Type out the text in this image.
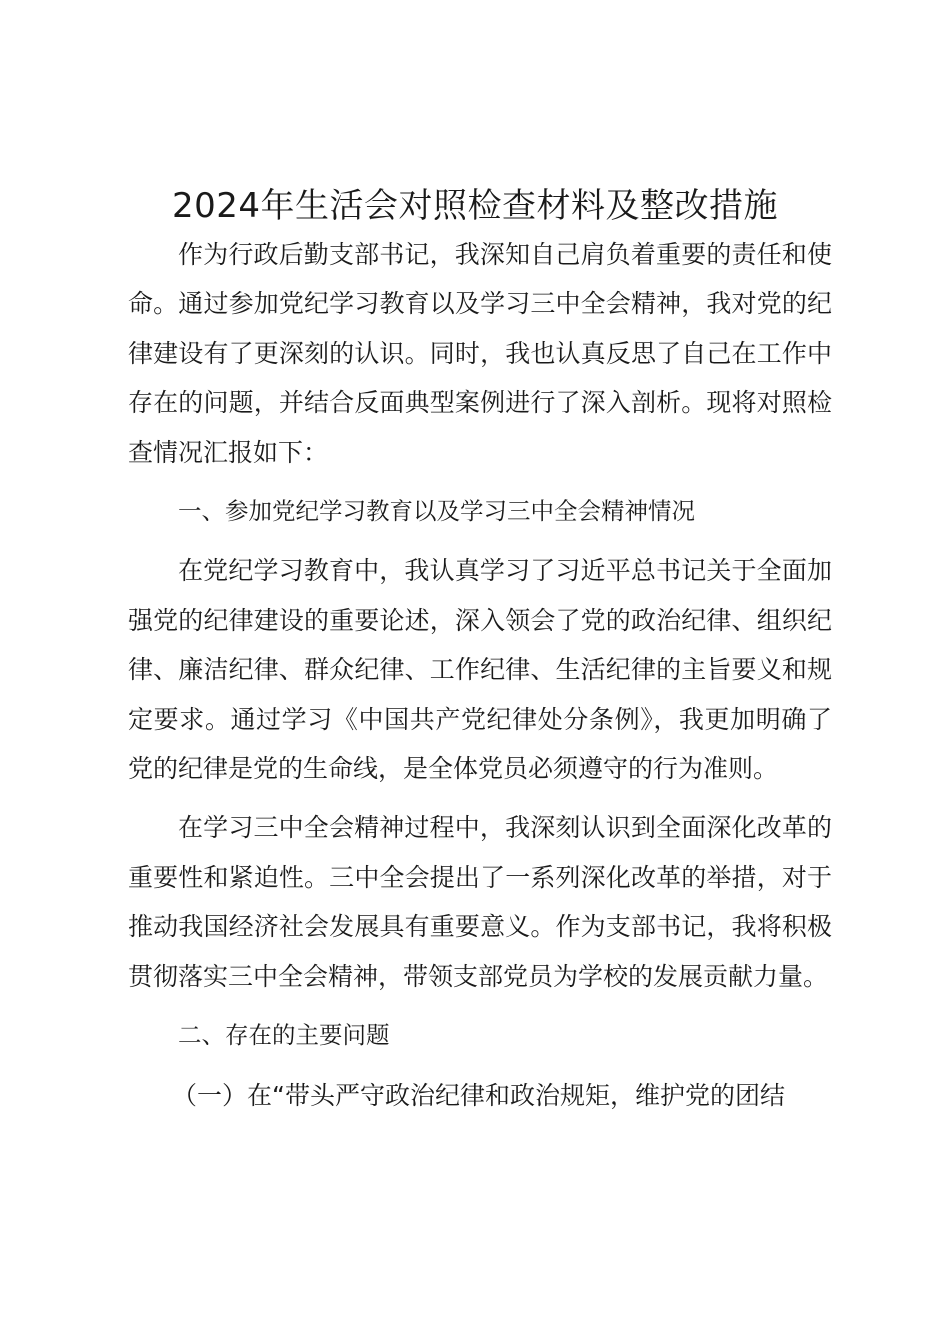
2024年生活会对照检查材料及整改措施

作为行政后勤支部书记，我深知自己肩负着重要的责任和使命。通过参加党纪学习教育以及学习三中全会精神，我对党的纪律建设有了更深刻的认识。同时，我也认真反思了自己在工作中存在的问题，并结合反面典型案例进行了深入剖析。现将对照检查情况汇报如下：

一、参加党纪学习教育以及学习三中全会精神情况

在党纪学习教育中，我认真学习了习近平总书记关于全面加强党的纪律建设的重要论述，深入领会了党的政治纪律、组织纪律、廉洁纪律、群众纪律、工作纪律、生活纪律的主旨要义和规定要求。通过学习《中国共产党纪律处分条例》，我更加明确了党的纪律是党的生命线，是全体党员必须遵守的行为准则。

在学习三中全会精神过程中，我深刻认识到全面深化改革的重要性和紧迫性。三中全会提出了一系列深化改革的举措，对于推动我国经济社会发展具有重要意义。作为支部书记，我将积极贯彻落实三中全会精神，带领支部党员为学校的发展贡献力量。

二、存在的主要问题

（一）在“带头严守政治纪律和政治规矩，维护党的团结
